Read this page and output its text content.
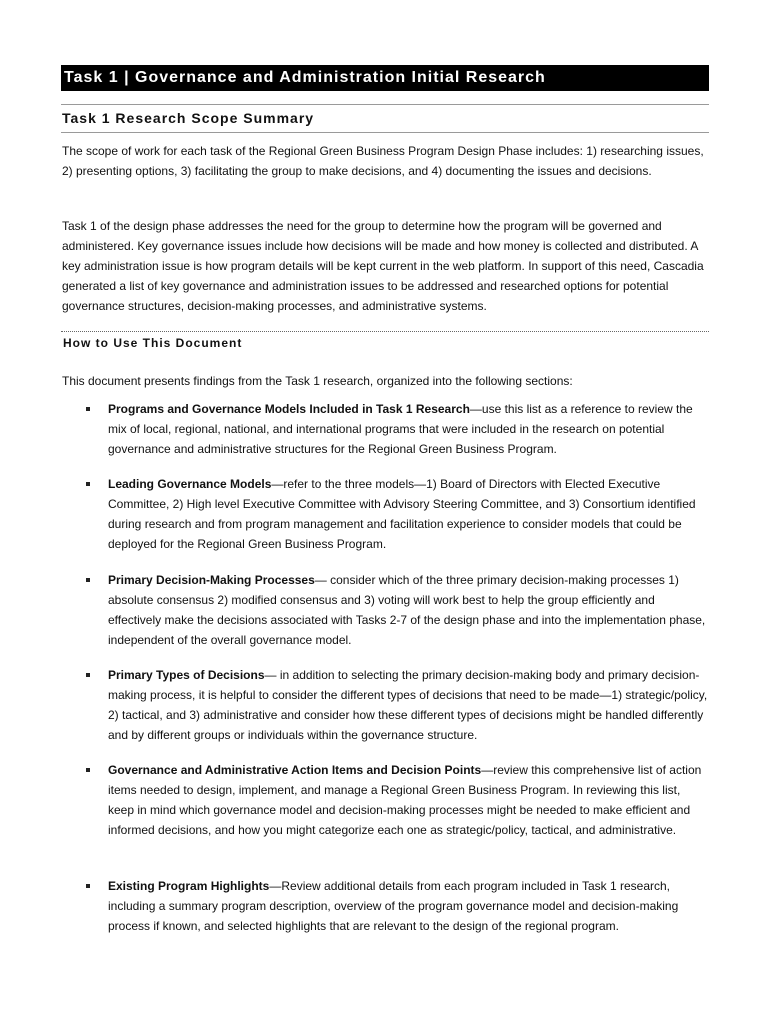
Task 1 | Governance and Administration Initial Research
Task 1 Research Scope Summary

The scope of work for each task of the Regional Green Business Program Design Phase includes: 1) researching issues, 2) presenting options, 3) facilitating the group to make decisions, and 4) documenting the issues and decisions.

Task 1 of the design phase addresses the need for the group to determine how the program will be governed and administered. Key governance issues include how decisions will be made and how money is collected and distributed. A key administration issue is how program details will be kept current in the web platform. In support of this need, Cascadia generated a list of key governance and administration issues to be addressed and researched options for potential governance structures, decision-making processes, and administrative systems.

How to Use This Document

This document presents findings from the Task 1 research, organized into the following sections:

Programs and Governance Models Included in Task 1 Research—use this list as a reference to review the mix of local, regional, national, and international programs that were included in the research on potential governance and administrative structures for the Regional Green Business Program.
Leading Governance Models—refer to the three models—1) Board of Directors with Elected Executive Committee, 2) High level Executive Committee with Advisory Steering Committee, and 3) Consortium identified during research and from program management and facilitation experience to consider models that could be deployed for the Regional Green Business Program.
Primary Decision-Making Processes— consider which of the three primary decision-making processes 1) absolute consensus 2) modified consensus and 3) voting will work best to help the group efficiently and effectively make the decisions associated with Tasks 2-7 of the design phase and into the implementation phase, independent of the overall governance model.
Primary Types of Decisions— in addition to selecting the primary decision-making body and primary decision-making process, it is helpful to consider the different types of decisions that need to be made—1) strategic/policy, 2) tactical, and 3) administrative and consider how these different types of decisions might be handled differently and by different groups or individuals within the governance structure.
Governance and Administrative Action Items and Decision Points—review this comprehensive list of action items needed to design, implement, and manage a Regional Green Business Program. In reviewing this list, keep in mind which governance model and decision-making processes might be needed to make efficient and informed decisions, and how you might categorize each one as strategic/policy, tactical, and administrative.
Existing Program Highlights—Review additional details from each program included in Task 1 research, including a summary program description, overview of the program governance model and decision-making process if known, and selected highlights that are relevant to the design of the regional program.
